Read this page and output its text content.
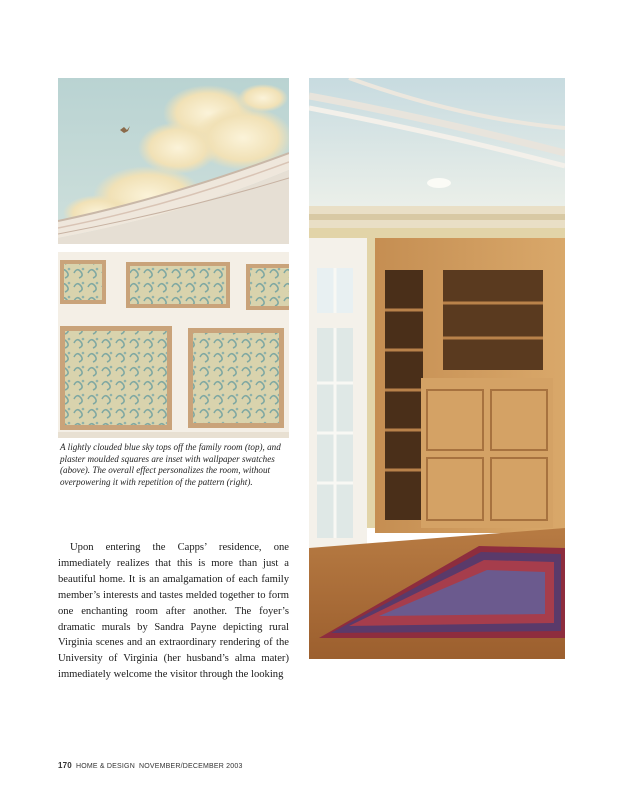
A lightly clouded blue sky tops off the family room (top), and plaster moulded squares are inset with wallpaper swatches (above). The overall effect personalizes the room, without overpowering it with repetition of the pattern (right).

Upon entering the Capps’ residence, one immediately realizes that this is more than just a beautiful home. It is an amalgamation of each family member’s interests and tastes melded together to form one enchanting room after another. The foyer’s dramatic murals by Sandra Payne depicting rural Virginia scenes and an extraordinary rendering of the University of Virginia (her husband’s alma mater) immediately welcome the visitor through the looking

170 HOME & DESIGN NOVEMBER/DECEMBER 2003
